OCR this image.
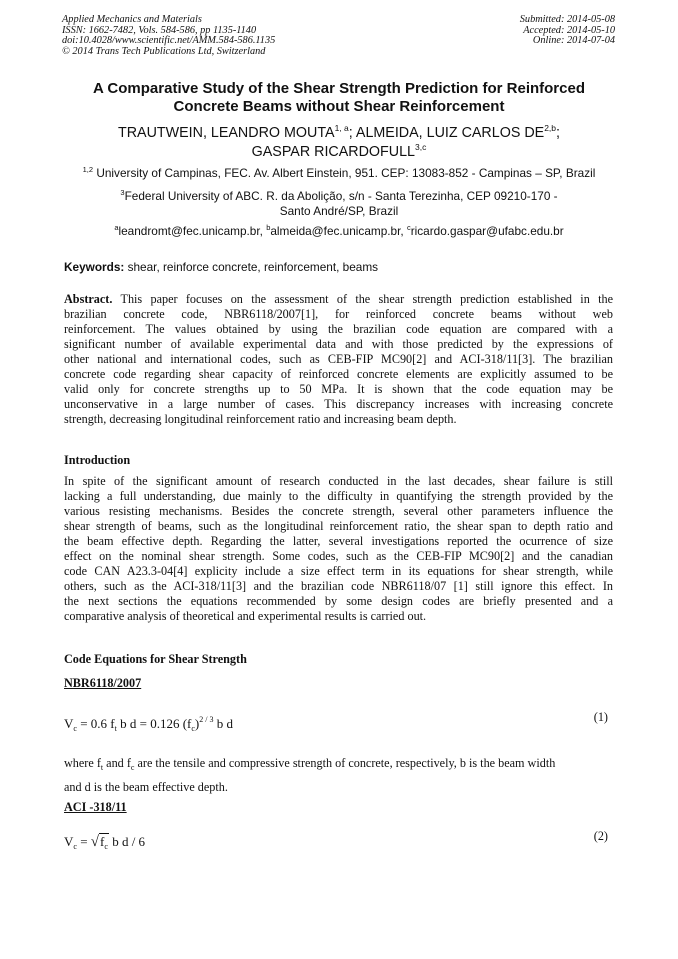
Applied Mechanics and Materials
ISSN: 1662-7482, Vols. 584-586, pp 1135-1140
doi:10.4028/www.scientific.net/AMM.584-586.1135
© 2014 Trans Tech Publications Ltd, Switzerland
Submitted: 2014-05-08
Accepted: 2014-05-10
Online: 2014-07-04
A Comparative Study of the Shear Strength Prediction for Reinforced
Concrete Beams without Shear Reinforcement
TRAUTWEIN, LEANDRO MOUTA$^{1, a}$; ALMEIDA, LUIZ CARLOS DE$^{2,b}$;
GASPAR RICARDOFULL$^{3,c}$
$^{1,2}$ University of Campinas, FEC. Av. Albert Einstein, 951. CEP: 13083-852 - Campinas – SP, Brazil
$^3$Federal University of ABC. R. da Abolição, s/n - Santa Terezinha, CEP 09210-170 -
Santo André/SP, Brazil
$^a$leandromt@fec.unicamp.br, $^b$almeida@fec.unicamp.br, $^c$ricardo.gaspar@ufabc.edu.br
Keywords: shear, reinforce concrete, reinforcement, beams
Abstract. This paper focuses on the assessment of the shear strength prediction established in the
brazilian concrete code, NBR6118/2007[1], for reinforced concrete beams without web
reinforcement. The values obtained by using the brazilian code equation are compared with a
significant number of available experimental data and with those predicted by the expressions of
other national and international codes, such as CEB-FIP MC90[2] and ACI-318/11[3]. The brazilian
concrete code regarding shear capacity of reinforced concrete elements are explicitly assumed to be
valid only for concrete strengths up to 50 MPa. It is shown that the code equation may be
unconservative in a large number of cases. This discrepancy increases with increasing concrete
strength, decreasing longitudinal reinforcement ratio and increasing beam depth.
Introduction
In spite of the significant amount of research conducted in the last decades, shear failure is still
lacking a full understanding, due mainly to the difficulty in quantifying the strength provided by the
various resisting mechanisms. Besides the concrete strength, several other parameters influence the
shear strength of beams, such as the longitudinal reinforcement ratio, the shear span to depth ratio and
the beam effective depth. Regarding the latter, several investigations reported the ocurrence of size
effect on the nominal shear strength. Some codes, such as the CEB-FIP MC90[2] and the canadian
code CAN A23.3-04[4] explicity include a size effect term in its equations for shear strength, while
others, such as the ACI-318/11[3] and the brazilian code NBR6118/07 [1] still ignore this effect. In
the next sections the equations recommended by some design codes are briefly presented and a
comparative analysis of theoretical and experimental results is carried out.
Code Equations for Shear Strength
NBR6118/2007
$V_c = 0.6$ $f_t$ b d = 0.126 $(f_c)^{2 / 3}$ b d	(1)
where $f_t$ and $f_c$ are the tensile and compressive strength of concrete, respectively, b is the beam width
and d is the beam effective depth.
ACI -318/11
$V_c = √f_c$ b d / 6	(2)
